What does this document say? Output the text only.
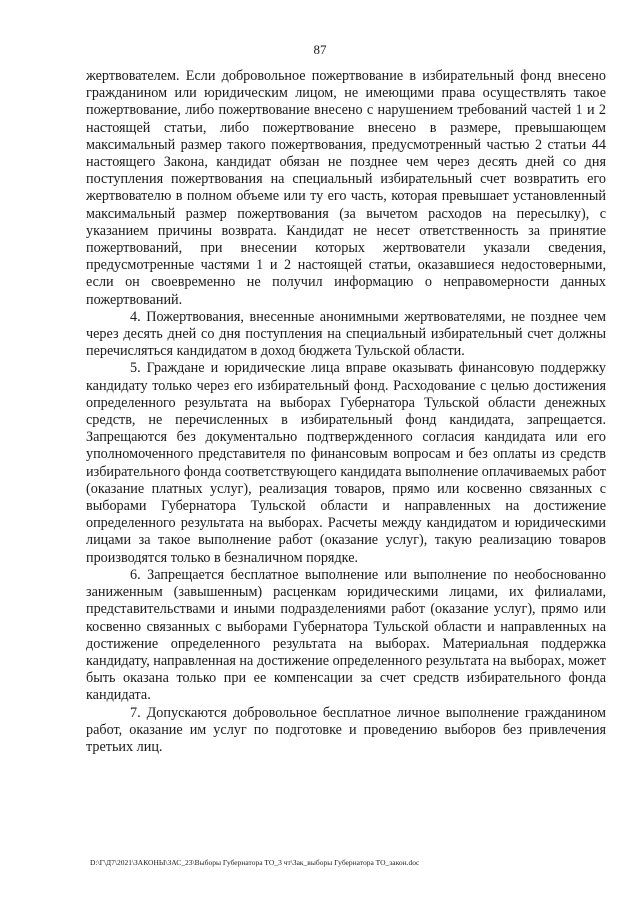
87

жертвователем. Если добровольное пожертвование в избирательный фонд внесено гражданином или юридическим лицом, не имеющими права осуществлять такое пожертвование, либо пожертвование внесено с нарушением требований частей 1 и 2 настоящей статьи, либо пожертвование внесено в размере, превышающем максимальный размер такого пожертвования, предусмотренный частью 2 статьи 44 настоящего Закона, кандидат обязан не позднее чем через десять дней со дня поступления пожертвования на специальный избирательный счет возвратить его жертвователю в полном объеме или ту его часть, которая превышает установленный максимальный размер пожертвования (за вычетом расходов на пересылку), с указанием причины возврата. Кандидат не несет ответственность за принятие пожертвований, при внесении которых жертвователи указали сведения, предусмотренные частями 1 и 2 настоящей статьи, оказавшиеся недостоверными, если он своевременно не получил информацию о неправомерности данных пожертвований.

4. Пожертвования, внесенные анонимными жертвователями, не позднее чем через десять дней со дня поступления на специальный избирательный счет должны перечисляться кандидатом в доход бюджета Тульской области.

5. Граждане и юридические лица вправе оказывать финансовую поддержку кандидату только через его избирательный фонд. Расходование с целью достижения определенного результата на выборах Губернатора Тульской области денежных средств, не перечисленных в избирательный фонд кандидата, запрещается. Запрещаются без документально подтвержденного согласия кандидата или его уполномоченного представителя по финансовым вопросам и без оплаты из средств избирательного фонда соответствующего кандидата выполнение оплачиваемых работ (оказание платных услуг), реализация товаров, прямо или косвенно связанных с выборами Губернатора Тульской области и направленных на достижение определенного результата на выборах. Расчеты между кандидатом и юридическими лицами за такое выполнение работ (оказание услуг), такую реализацию товаров производятся только в безналичном порядке.

6. Запрещается бесплатное выполнение или выполнение по необоснованно заниженным (завышенным) расценкам юридическими лицами, их филиалами, представительствами и иными подразделениями работ (оказание услуг), прямо или косвенно связанных с выборами Губернатора Тульской области и направленных на достижение определенного результата на выборах. Материальная поддержка кандидату, направленная на достижение определенного результата на выборах, может быть оказана только при ее компенсации за счет средств избирательного фонда кандидата.

7. Допускаются добровольное бесплатное личное выполнение гражданином работ, оказание им услуг по подготовке и проведению выборов без привлечения третьих лиц.

D:\Г\Д7\2021\ЗАКОНЫ\ЗАС_23\Выборы Губернатора ТО_3 чт\Зак_выборы Губернатора ТО_закон.doc
